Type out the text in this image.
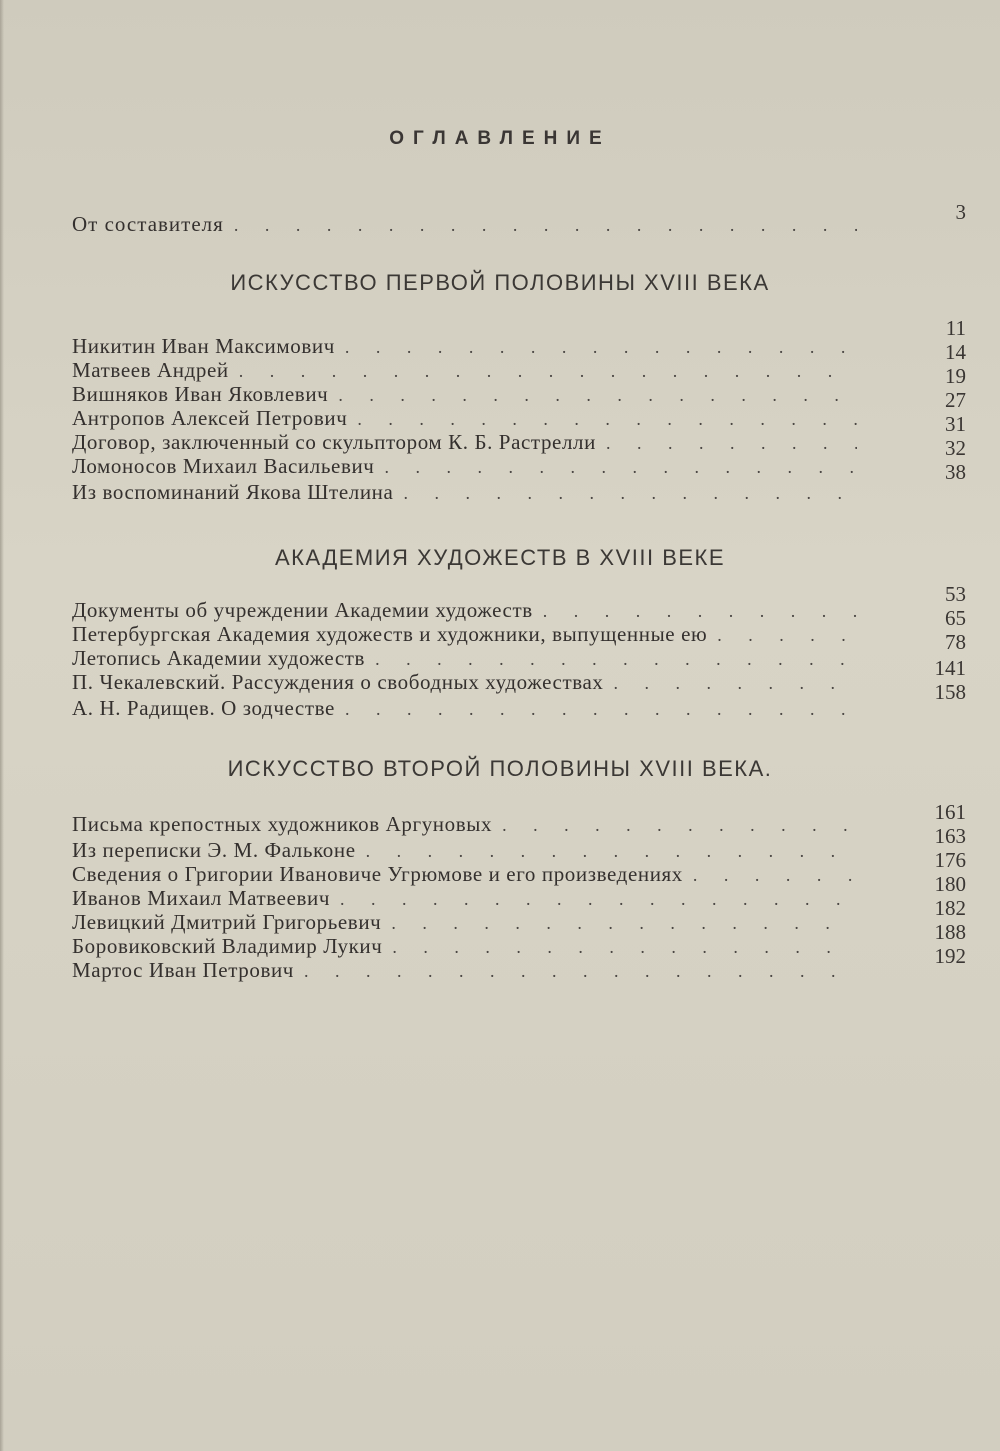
ОГЛАВЛЕНИЕ
От составителя
. . .	3
ИСКУССТВО ПЕРВОЙ ПОЛОВИНЫ XVIII ВЕКА
Никитин Иван Максимович
. . .
Матвеев Андрей
. . .
Вишняков Иван Яковлевич
. . .
Антропов Алексей Петрович
. . .
Договор, заключенный со скульптором К. Б. Растрелли
. . .
Ломоносов Михаил Васильевич
. . .
Из воспоминаний Якова Штелина
. . .
11
14
19
27
31
32
38
АКАДЕМИЯ ХУДОЖЕСТВ В XVIII ВЕКЕ
Документы об учреждении Академии художеств
. . .
Петербургская Академия художеств и художники, выпущенные ею
. . .
Летопись Академии художеств
. . .
П. Чекалевский. Рассуждения о свободных художествах
. . .
А. Н. Радищев. О зодчестве
. . .
53
65
78
141
158
ИСКУССТВО ВТОРОЙ ПОЛОВИНЫ XVIII ВЕКА.
Письма крепостных художников Аргуновых
. . .
Из переписки Э. М. Фальконе
. . .
Сведения о Григории Ивановиче Угрюмове и его произведениях
. . .
Иванов Михаил Матвеевич
. . .
Левицкий Дмитрий Григорьевич
. . .
Боровиковский Владимир Лукич
. . .
Мартос Иван Петрович
. . .
161
163
176
180
182
188
192
